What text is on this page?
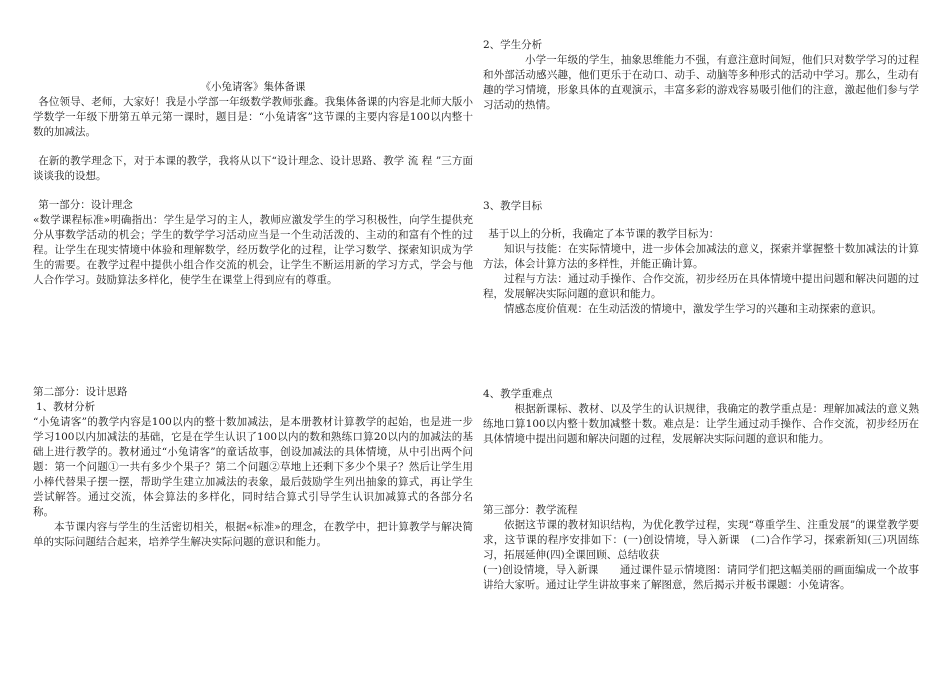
《小兔请客》集体备课

各位领导、老师，大家好！我是小学部一年级数学教师张鑫。我集体备课的内容是北师大版小学数学一年级下册第五单元第一课时，题目是：“小兔请客”这节课的主要内容是100以内整十数的加减法。

在新的教学理念下，对于本课的教学，我将从以下“设计理念、设计思路、教学 流 程 ”三方面谈谈我的设想。

第一部分：设计理念

«数学课程标准»明确指出：学生是学习的主人，教师应激发学生的学习积极性，向学生提供充分从事数学活动的机会；学生的数学学习活动应当是一个生动活泼的、主动的和富有个性的过程。让学生在现实情境中体验和理解数学，经历数学化的过程，让学习数学、探索知识成为学生的需要。在教学过程中提供小组合作交流的机会，让学生不断运用新的学习方式，学会与他人合作学习。鼓励算法多样化，使学生在课堂上得到应有的尊重。

第二部分：设计思路

1、教材分析

“小兔请客”的教学内容是100以内的整十数加减法，是本册教材计算教学的起始，也是进一步学习100以内加减法的基础，它是在学生认识了100以内的数和熟练口算20以内的加减法的基础上进行教学的。教材通过“小兔请客”的童话故事，创设加减法的具体情境，从中引出两个问题：第一个问题①一共有多少个果子？第二个问题②草地上还剩下多少个果子？然后让学生用小棒代替果子摆一摆，帮助学生建立加减法的表象，最后鼓励学生列出抽象的算式，再让学生尝试解答。通过交流，体会算法的多样化，同时结合算式引导学生认识加减算式的各部分名称。

本节课内容与学生的生活密切相关，根据«标准»的理念，在教学中，把计算教学与解决简单的实际问题结合起来，培养学生解决实际问题的意识和能力。

2、学生分析

小学一年级的学生，抽象思维能力不强，有意注意时间短，他们只对数学学习的过程和外部活动感兴趣，他们更乐于在动口、动手、动脑等多种形式的活动中学习。那么，生动有趣的学习情境，形象具体的直观演示，丰富多彩的游戏容易吸引他们的注意，激起他们参与学习活动的热情。

3、教学目标

基于以上的分析，我确定了本节课的教学目标为：

知识与技能：在实际情境中，进一步体会加减法的意义，探索并掌握整十数加减法的计算方法，体会计算方法的多样性，并能正确计算。

过程与方法：通过动手操作、合作交流，初步经历在具体情境中提出问题和解决问题的过程，发展解决实际问题的意识和能力。

情感态度价值观：在生动活泼的情境中，激发学生学习的兴趣和主动探索的意识。

4、教学重难点

根据新课标、教材、以及学生的认识规律，我确定的教学重点是：理解加减法的意义熟练地口算100以内整十数加减整十数。难点是：让学生通过动手操作、合作交流，初步经历在具体情境中提出问题和解决问题的过程，发展解决实际问题的意识和能力。

第三部分：教学流程

依据这节课的教材知识结构，为优化教学过程，实现“尊重学生、注重发展”的课堂教学要求，这节课的程序安排如下：(一)创设情境，导入新课　(二)合作学习，探索新知(三)巩固练习，拓展延伸(四)全课回顾、总结收获

(一)创设情境，导入新课　　通过课件显示情境图：请同学们把这幅美丽的画面编成一个故事讲给大家听。通过让学生讲故事来了解图意，然后揭示并板书课题：小兔请客。
